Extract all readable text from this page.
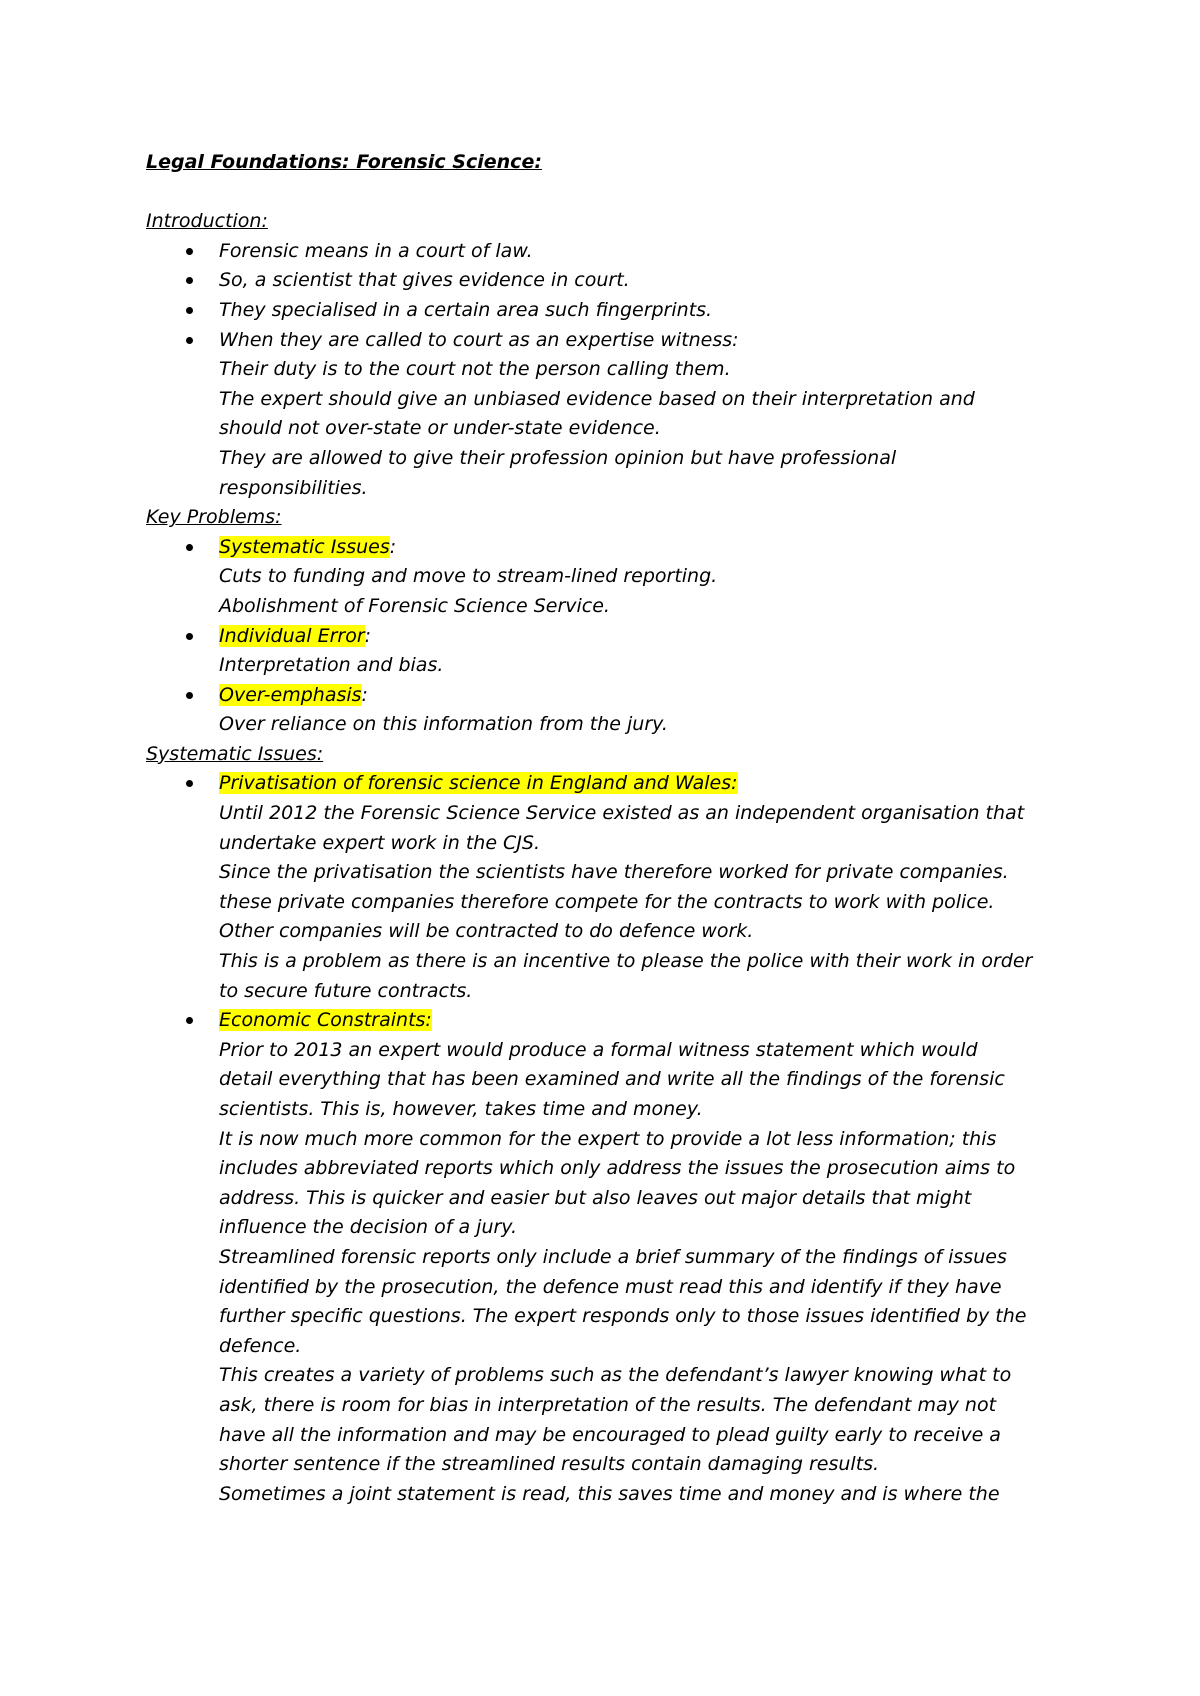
Legal Foundations: Forensic Science:
Introduction:
Forensic means in a court of law.
So, a scientist that gives evidence in court.
They specialised in a certain area such fingerprints.
When they are called to court as an expertise witness:
Their duty is to the court not the person calling them.
The expert should give an unbiased evidence based on their interpretation and
should not over-state or under-state evidence.
They are allowed to give their profession opinion but have professional
responsibilities.
Key Problems:
Systematic Issues:
Cuts to funding and move to stream-lined reporting.
Abolishment of Forensic Science Service.
Individual Error:
Interpretation and bias.
Over-emphasis:
Over reliance on this information from the jury.
Systematic Issues:
Privatisation of forensic science in England and Wales:
Until 2012 the Forensic Science Service existed as an independent organisation that
undertake expert work in the CJS.
Since the privatisation the scientists have therefore worked for private companies.
these private companies therefore compete for the contracts to work with police.
Other companies will be contracted to do defence work.
This is a problem as there is an incentive to please the police with their work in order
to secure future contracts.
Economic Constraints:
Prior to 2013 an expert would produce a formal witness statement which would
detail everything that has been examined and write all the findings of the forensic
scientists. This is, however, takes time and money.
It is now much more common for the expert to provide a lot less information; this
includes abbreviated reports which only address the issues the prosecution aims to
address. This is quicker and easier but also leaves out major details that might
influence the decision of a jury.
Streamlined forensic reports only include a brief summary of the findings of issues
identified by the prosecution, the defence must read this and identify if they have
further specific questions. The expert responds only to those issues identified by the
defence.
This creates a variety of problems such as the defendant’s lawyer knowing what to
ask, there is room for bias in interpretation of the results. The defendant may not
have all the information and may be encouraged to plead guilty early to receive a
shorter sentence if the streamlined results contain damaging results.
Sometimes a joint statement is read, this saves time and money and is where the
